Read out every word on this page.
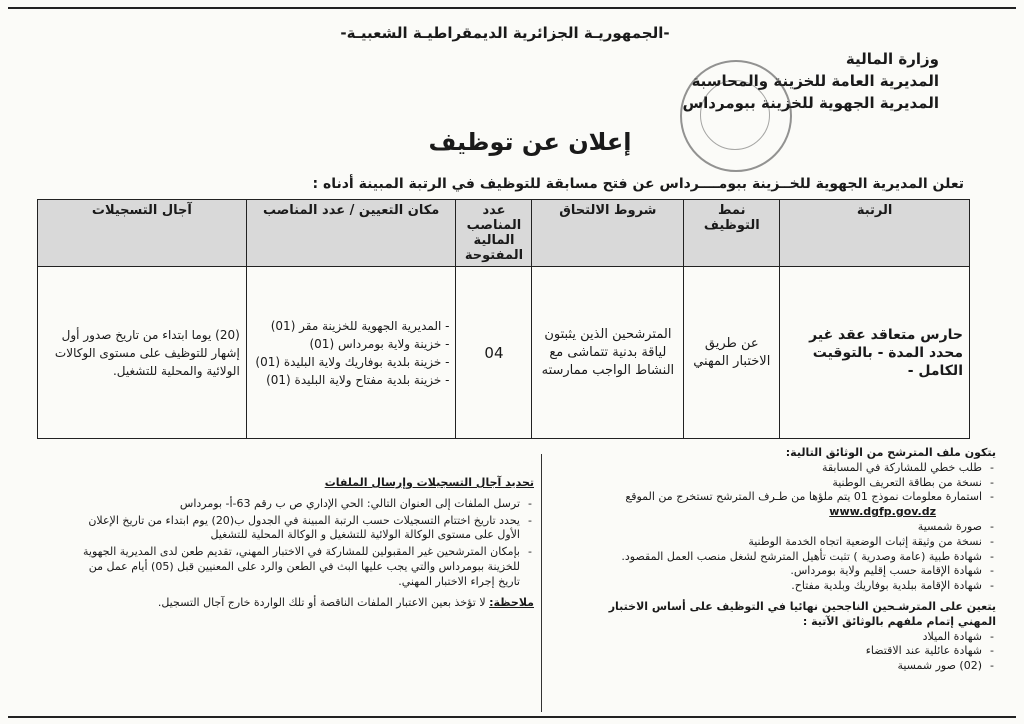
-الجمهوريـة الجزائرية الديمقراطيـة الشعبيـة-
وزارة المالية
المديرية العامة للخزينة والمحاسبة
المديرية الجهوية للخزينة ببومرداس
إعلان عن توظيف
تعلن المديرية الجهوية للخــزينة ببومــــرداس عن فتح مسابقة للتوظيف في الرتبة المبينة أدناه :
الرتبة	نمط التوظيف	شروط الالتحاق	عدد المناصب المالية المفتوحة	مكان التعيين / عدد المناصب	آجال التسجيلات
حارس متعاقد عقد غير محدد المدة - بالتوقيت الكامل -	عن طريق الاختبار المهني	المترشحين الذين يثبتون لياقة بدنية تتماشى مع النشاط الواجب ممارسته	04	- المديرية الجهوية للخزينة مقر (01)
- خزينة ولاية بومرداس (01)
- خزينة بلدية بوفاريك ولاية البليدة (01)
- خزينة بلدية مفتاح ولاية البليدة (01)	(20) يوما ابتداء من تاريخ صدور أول إشهار للتوظيف على مستوى الوكالات الولائية والمحلية للتشغيل.
يتكون ملف المترشح من الوثائق التالية:
- طلب خطي للمشاركة في المسابقة
- نسخة من بطاقة التعريف الوطنية
- استمارة معلومات نموذج 01 يتم ملؤها من طـرف المترشح تستخرج من الموقع
www.dgfp.gov.dz
- صورة شمسية
- نسخة من وثيقة إثبات الوضعية اتجاه الخدمة الوطنية
- شهادة طبية (عامة وصدرية ) تثبت تأهيل المترشح لشغل منصب العمل المقصود.
- شهادة الإقامة حسب إقليم ولاية بومرداس.
- شهادة الإقامة ببلدية بوفاريك وبلدية مفتاح.
يتعين على المترشـحين الناجحين نهائيا في التوظيف على أساس الاختبار المهني إتمام ملفهم بالوثائق الآتية :
- شهادة الميلاد
- شهادة عائلية عند الاقتضاء
- (02) صور شمسية
تحديد آجال التسجيلات وإرسال الملفات
- ترسل الملفات إلى العنوان التالي: الحي الإداري ص ب رقم 63-أ- بومرداس
- يحدد تاريخ اختتام التسجيلات حسب الرتبة المبينة في الجدول ب(20) يوم ابتداء من تاريخ الإعلان الأول على مستوى الوكالة الولائية للتشغيل و الوكالة المحلية للتشغيل
- بإمكان المترشحين غير المقبولين للمشاركة في الاختبار المهني، تقديم طعن لدى المديرية الجهوية للخزينة ببومرداس والتي يجب عليها البث في الطعن والرد على المعنيين قبل (05) أيام عمل من تاريخ إجراء الاختبار المهني.
ملاحظة: لا تؤخذ بعين الاعتبار الملفات الناقصة أو تلك الواردة خارج آجال التسجيل.
